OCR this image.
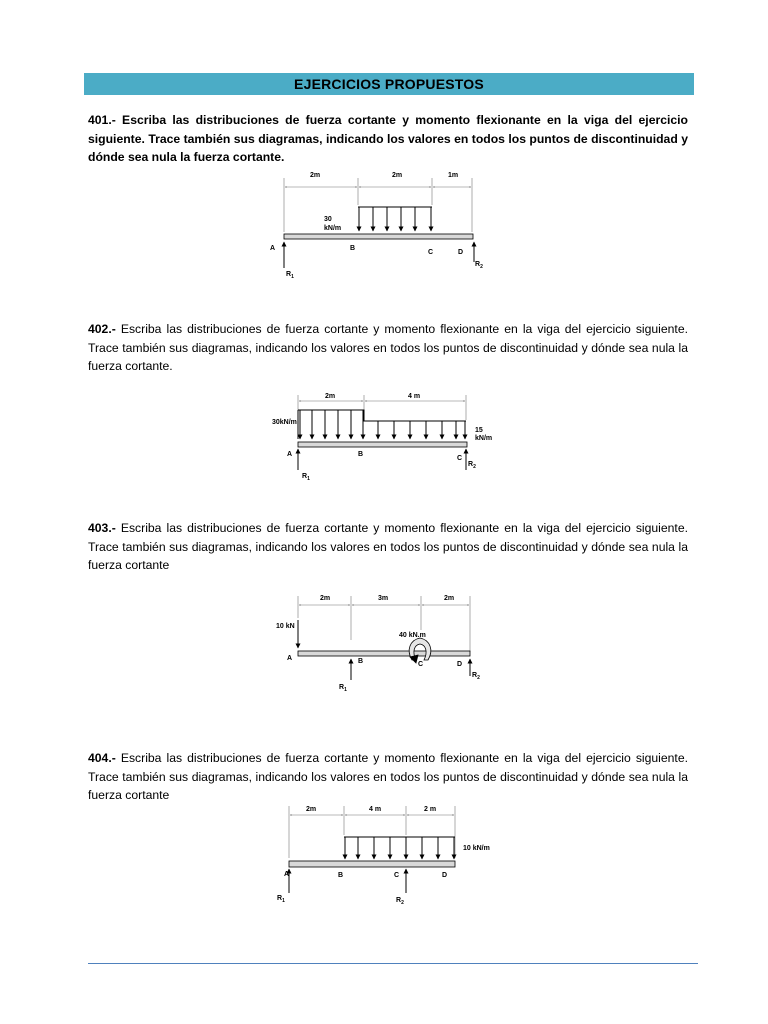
EJERCICIOS PROPUESTOS
401.- Escriba las distribuciones de fuerza cortante y momento flexionante en la viga del ejercicio siguiente. Trace también sus diagramas, indicando los valores en todos los puntos de discontinuidad y dónde sea nula la fuerza cortante.
402.- Escriba las distribuciones de fuerza cortante y momento flexionante en la viga del ejercicio siguiente. Trace también sus diagramas, indicando los valores en todos los puntos de discontinuidad y dónde sea nula la fuerza cortante.
403.- Escriba las distribuciones de fuerza cortante y momento flexionante en la viga del ejercicio siguiente. Trace también sus diagramas, indicando los valores en todos los puntos de discontinuidad y dónde sea nula la fuerza cortante
404.- Escriba las distribuciones de fuerza cortante y momento flexionante en la viga del ejercicio siguiente. Trace también sus diagramas, indicando los valores en todos los puntos de discontinuidad y dónde sea nula la fuerza cortante
2m	2m	1m
30
kN/m
A	B
C	D
$R_1$
$R_2$
2m	4 m
30kN/m
15
kN/m
A	B
C
$R_1$
$R_2$
2m	3m	2m
10 kN
40 kN.m
A	B	C	D
$R_1$
$R_2$
2m	4 m	2 m
10 kN/m
A	B	C	D
$R_1$	$R_2$
